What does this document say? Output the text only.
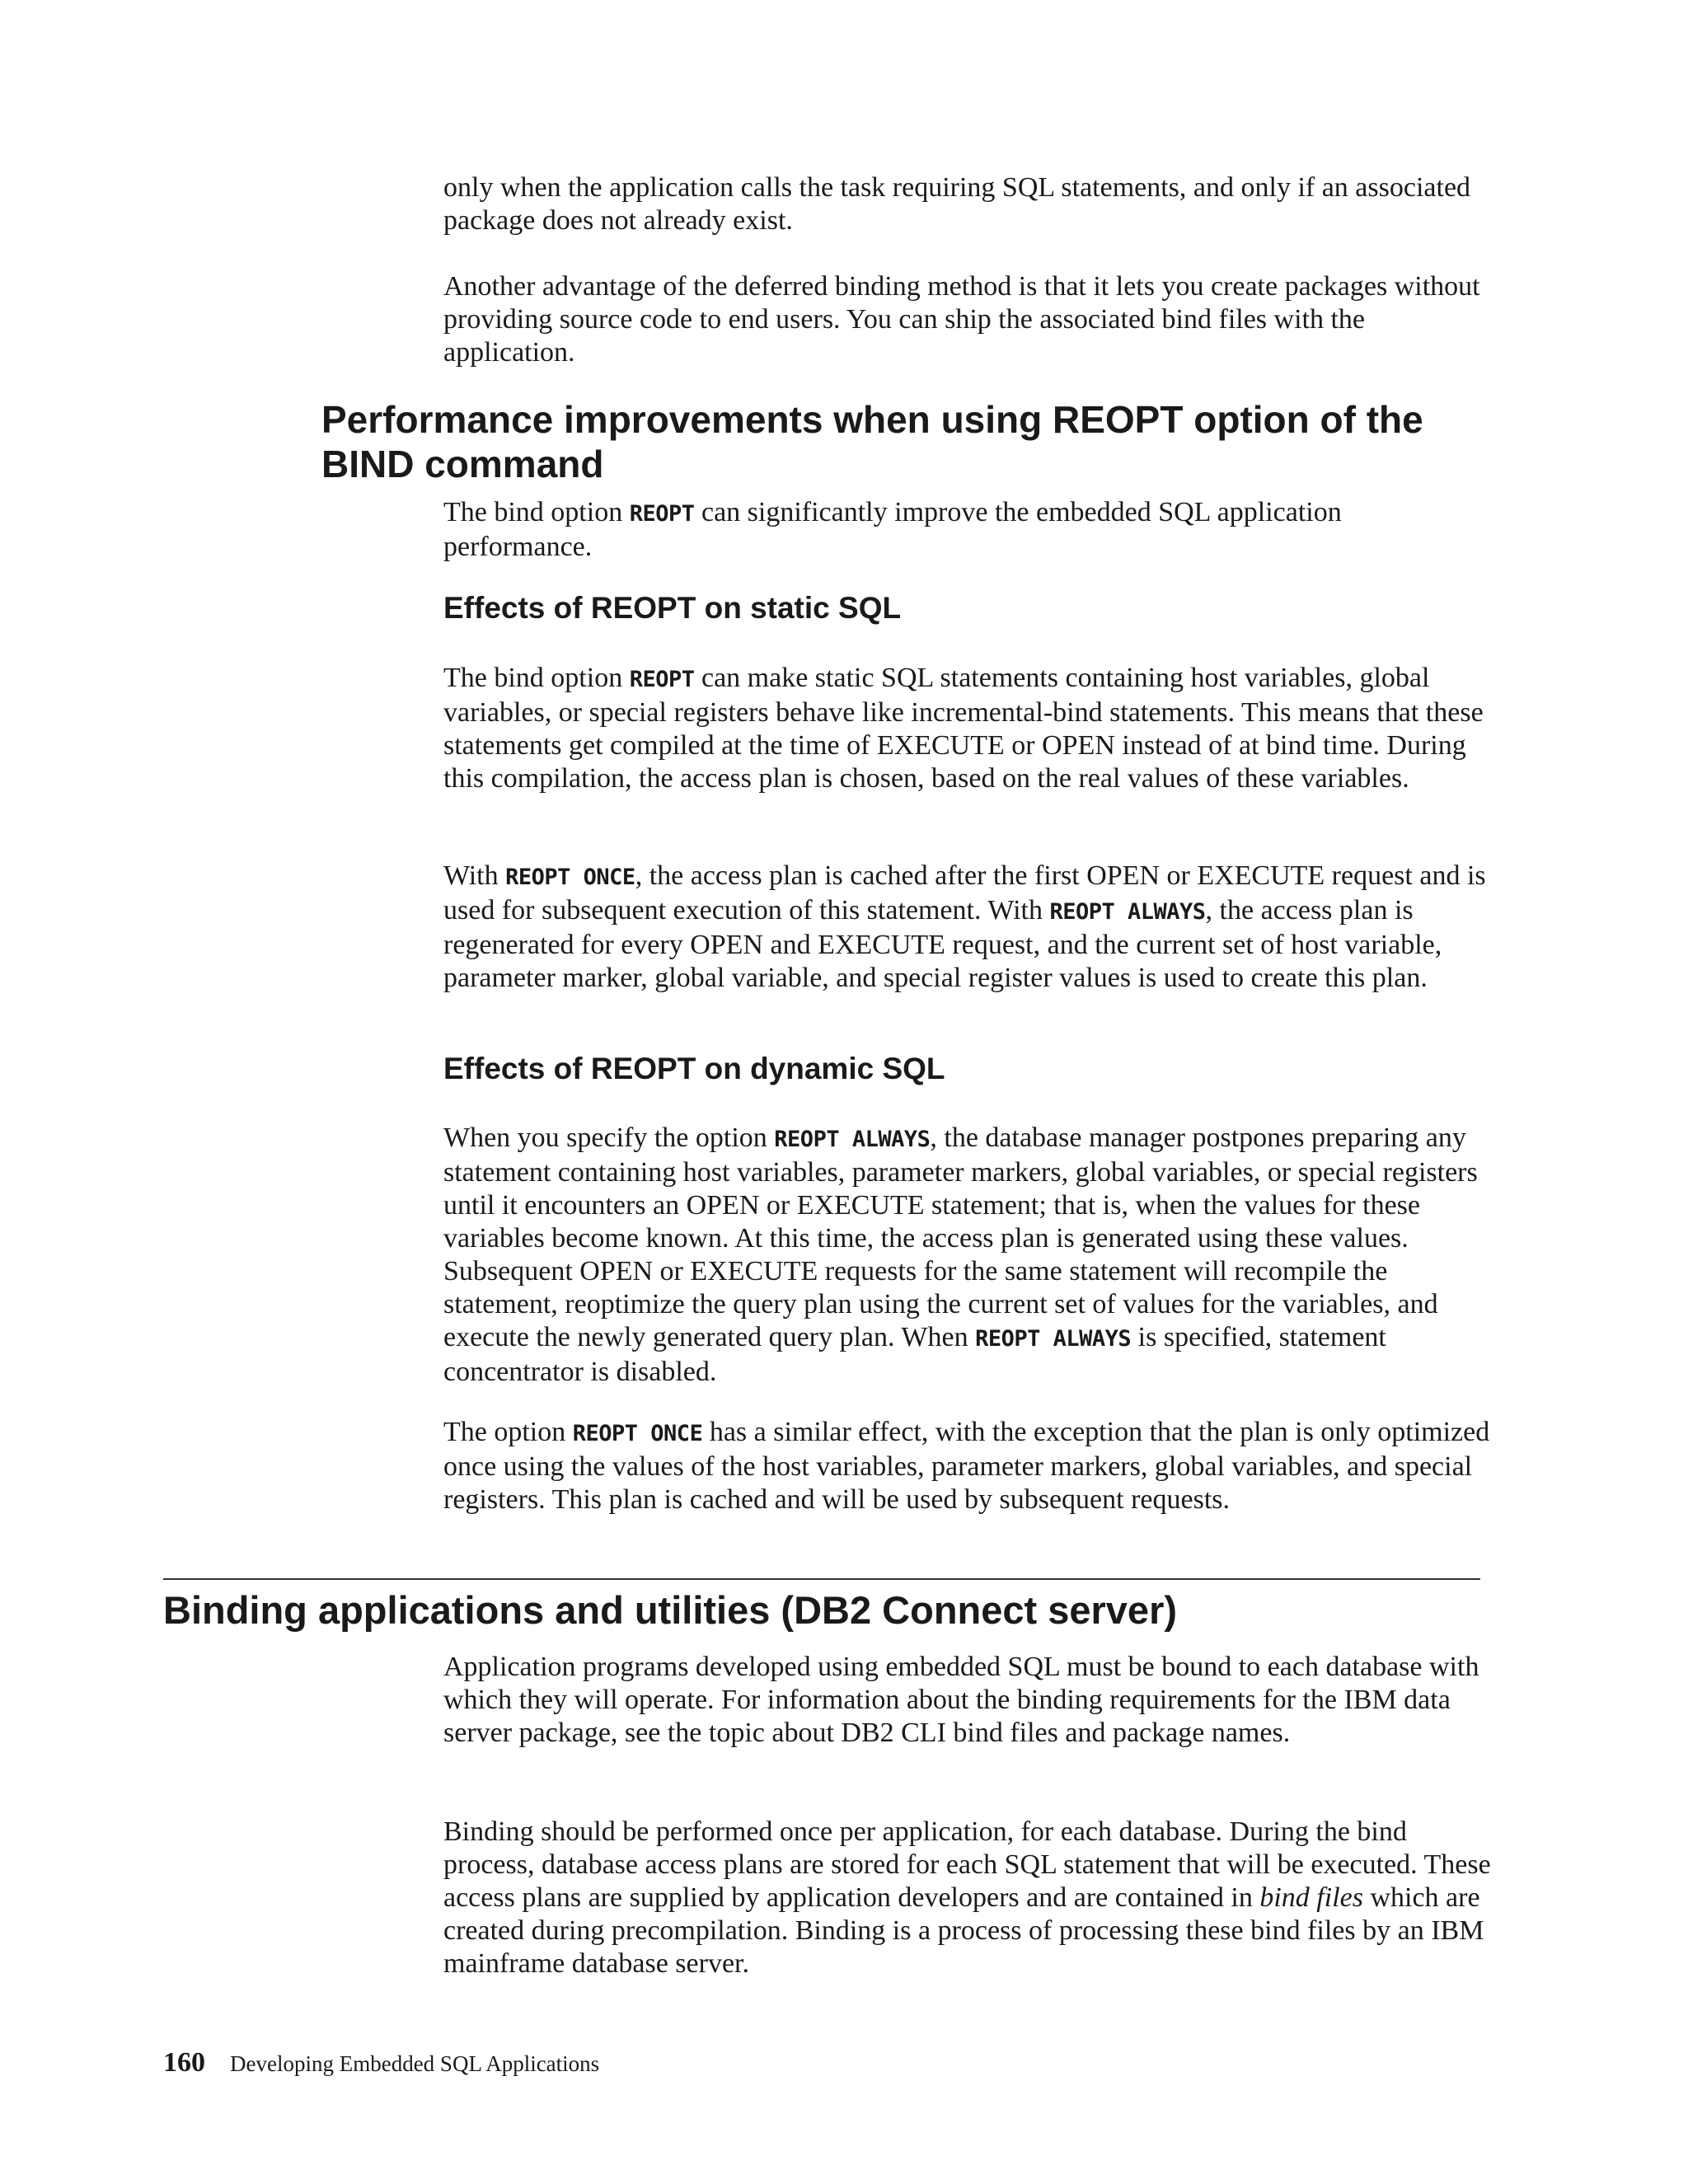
only when the application calls the task requiring SQL statements, and only if an associated package does not already exist.

Another advantage of the deferred binding method is that it lets you create packages without providing source code to end users. You can ship the associated bind files with the application.

Performance improvements when using REOPT option of the BIND command

The bind option REOPT can significantly improve the embedded SQL application performance.

Effects of REOPT on static SQL

The bind option REOPT can make static SQL statements containing host variables, global variables, or special registers behave like incremental-bind statements. This means that these statements get compiled at the time of EXECUTE or OPEN instead of at bind time. During this compilation, the access plan is chosen, based on the real values of these variables.

With REOPT ONCE, the access plan is cached after the first OPEN or EXECUTE request and is used for subsequent execution of this statement. With REOPT ALWAYS, the access plan is regenerated for every OPEN and EXECUTE request, and the current set of host variable, parameter marker, global variable, and special register values is used to create this plan.

Effects of REOPT on dynamic SQL

When you specify the option REOPT ALWAYS, the database manager postpones preparing any statement containing host variables, parameter markers, global variables, or special registers until it encounters an OPEN or EXECUTE statement; that is, when the values for these variables become known. At this time, the access plan is generated using these values. Subsequent OPEN or EXECUTE requests for the same statement will recompile the statement, reoptimize the query plan using the current set of values for the variables, and execute the newly generated query plan. When REOPT ALWAYS is specified, statement concentrator is disabled.

The option REOPT ONCE has a similar effect, with the exception that the plan is only optimized once using the values of the host variables, parameter markers, global variables, and special registers. This plan is cached and will be used by subsequent requests.

Binding applications and utilities (DB2 Connect server)

Application programs developed using embedded SQL must be bound to each database with which they will operate. For information about the binding requirements for the IBM data server package, see the topic about DB2 CLI bind files and package names.

Binding should be performed once per application, for each database. During the bind process, database access plans are stored for each SQL statement that will be executed. These access plans are supplied by application developers and are contained in bind files which are created during precompilation. Binding is a process of processing these bind files by an IBM mainframe database server.

160 Developing Embedded SQL Applications
